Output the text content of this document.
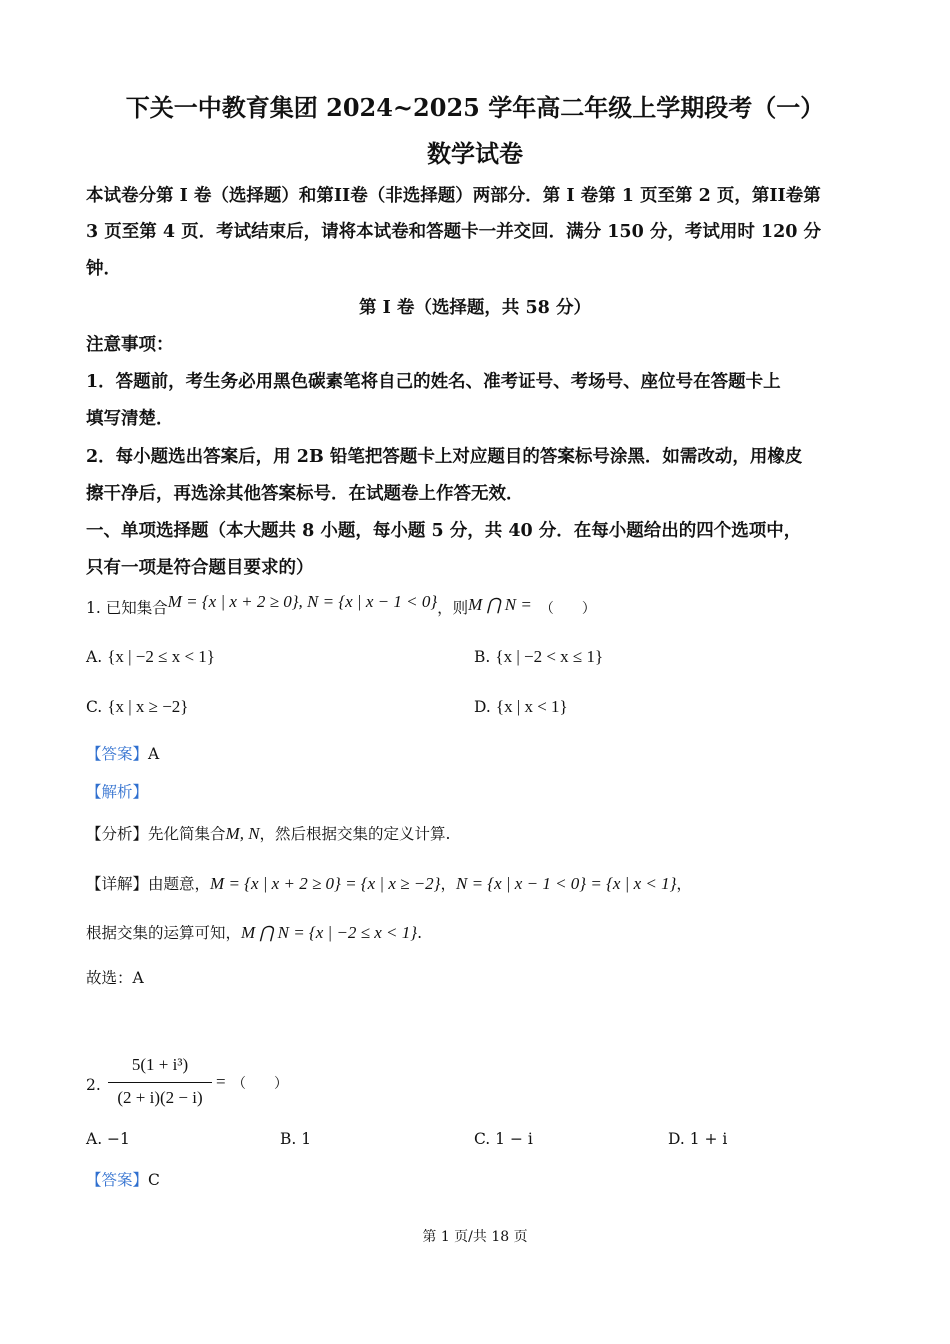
下关一中教育集团 2024~2025 学年高二年级上学期段考（一）
数学试卷
本试卷分第 I 卷（选择题）和第II卷（非选择题）两部分．第 I 卷第 1 页至第 2 页，第II卷第
3 页至第 4 页．考试结束后，请将本试卷和答题卡一并交回．满分 150 分，考试用时 120 分
钟．
第 I 卷（选择题，共 58 分）
注意事项：
1．答题前，考生务必用黑色碳素笔将自己的姓名、准考证号、考场号、座位号在答题卡上
填写清楚．
2．每小题选出答案后，用 2B 铅笔把答题卡上对应题目的答案标号涂黑．如需改动，用橡皮
擦干净后，再选涂其他答案标号．在试题卷上作答无效．
一、单项选择题（本大题共 8 小题，每小题 5 分，共 40 分．在每小题给出的四个选项中，
只有一项是符合题目要求的）
1. 已知集合M = {x | x + 2 ≥ 0}, N = {x | x − 1 < 0}，则M ⋂ N = （　　）
A. {x | −2 ≤ x < 1}	B. {x | −2 < x ≤ 1}
C. {x | x ≥ −2}	D. {x | x < 1}
【答案】A
【解析】
【分析】先化简集合M, N，然后根据交集的定义计算.
【详解】由题意，M = {x | x + 2 ≥ 0} = {x | x ≥ −2}，N = {x | x − 1 < 0} = {x | x < 1}，
根据交集的运算可知，M ⋂ N = {x | −2 ≤ x < 1}.
故选：A
2.
5(1 + i³)
(2 + i)(2 − i)
= （　　）
A. −1	B. 1	C. 1 − i	D. 1 + i
【答案】C
第 1 页/共 18 页
